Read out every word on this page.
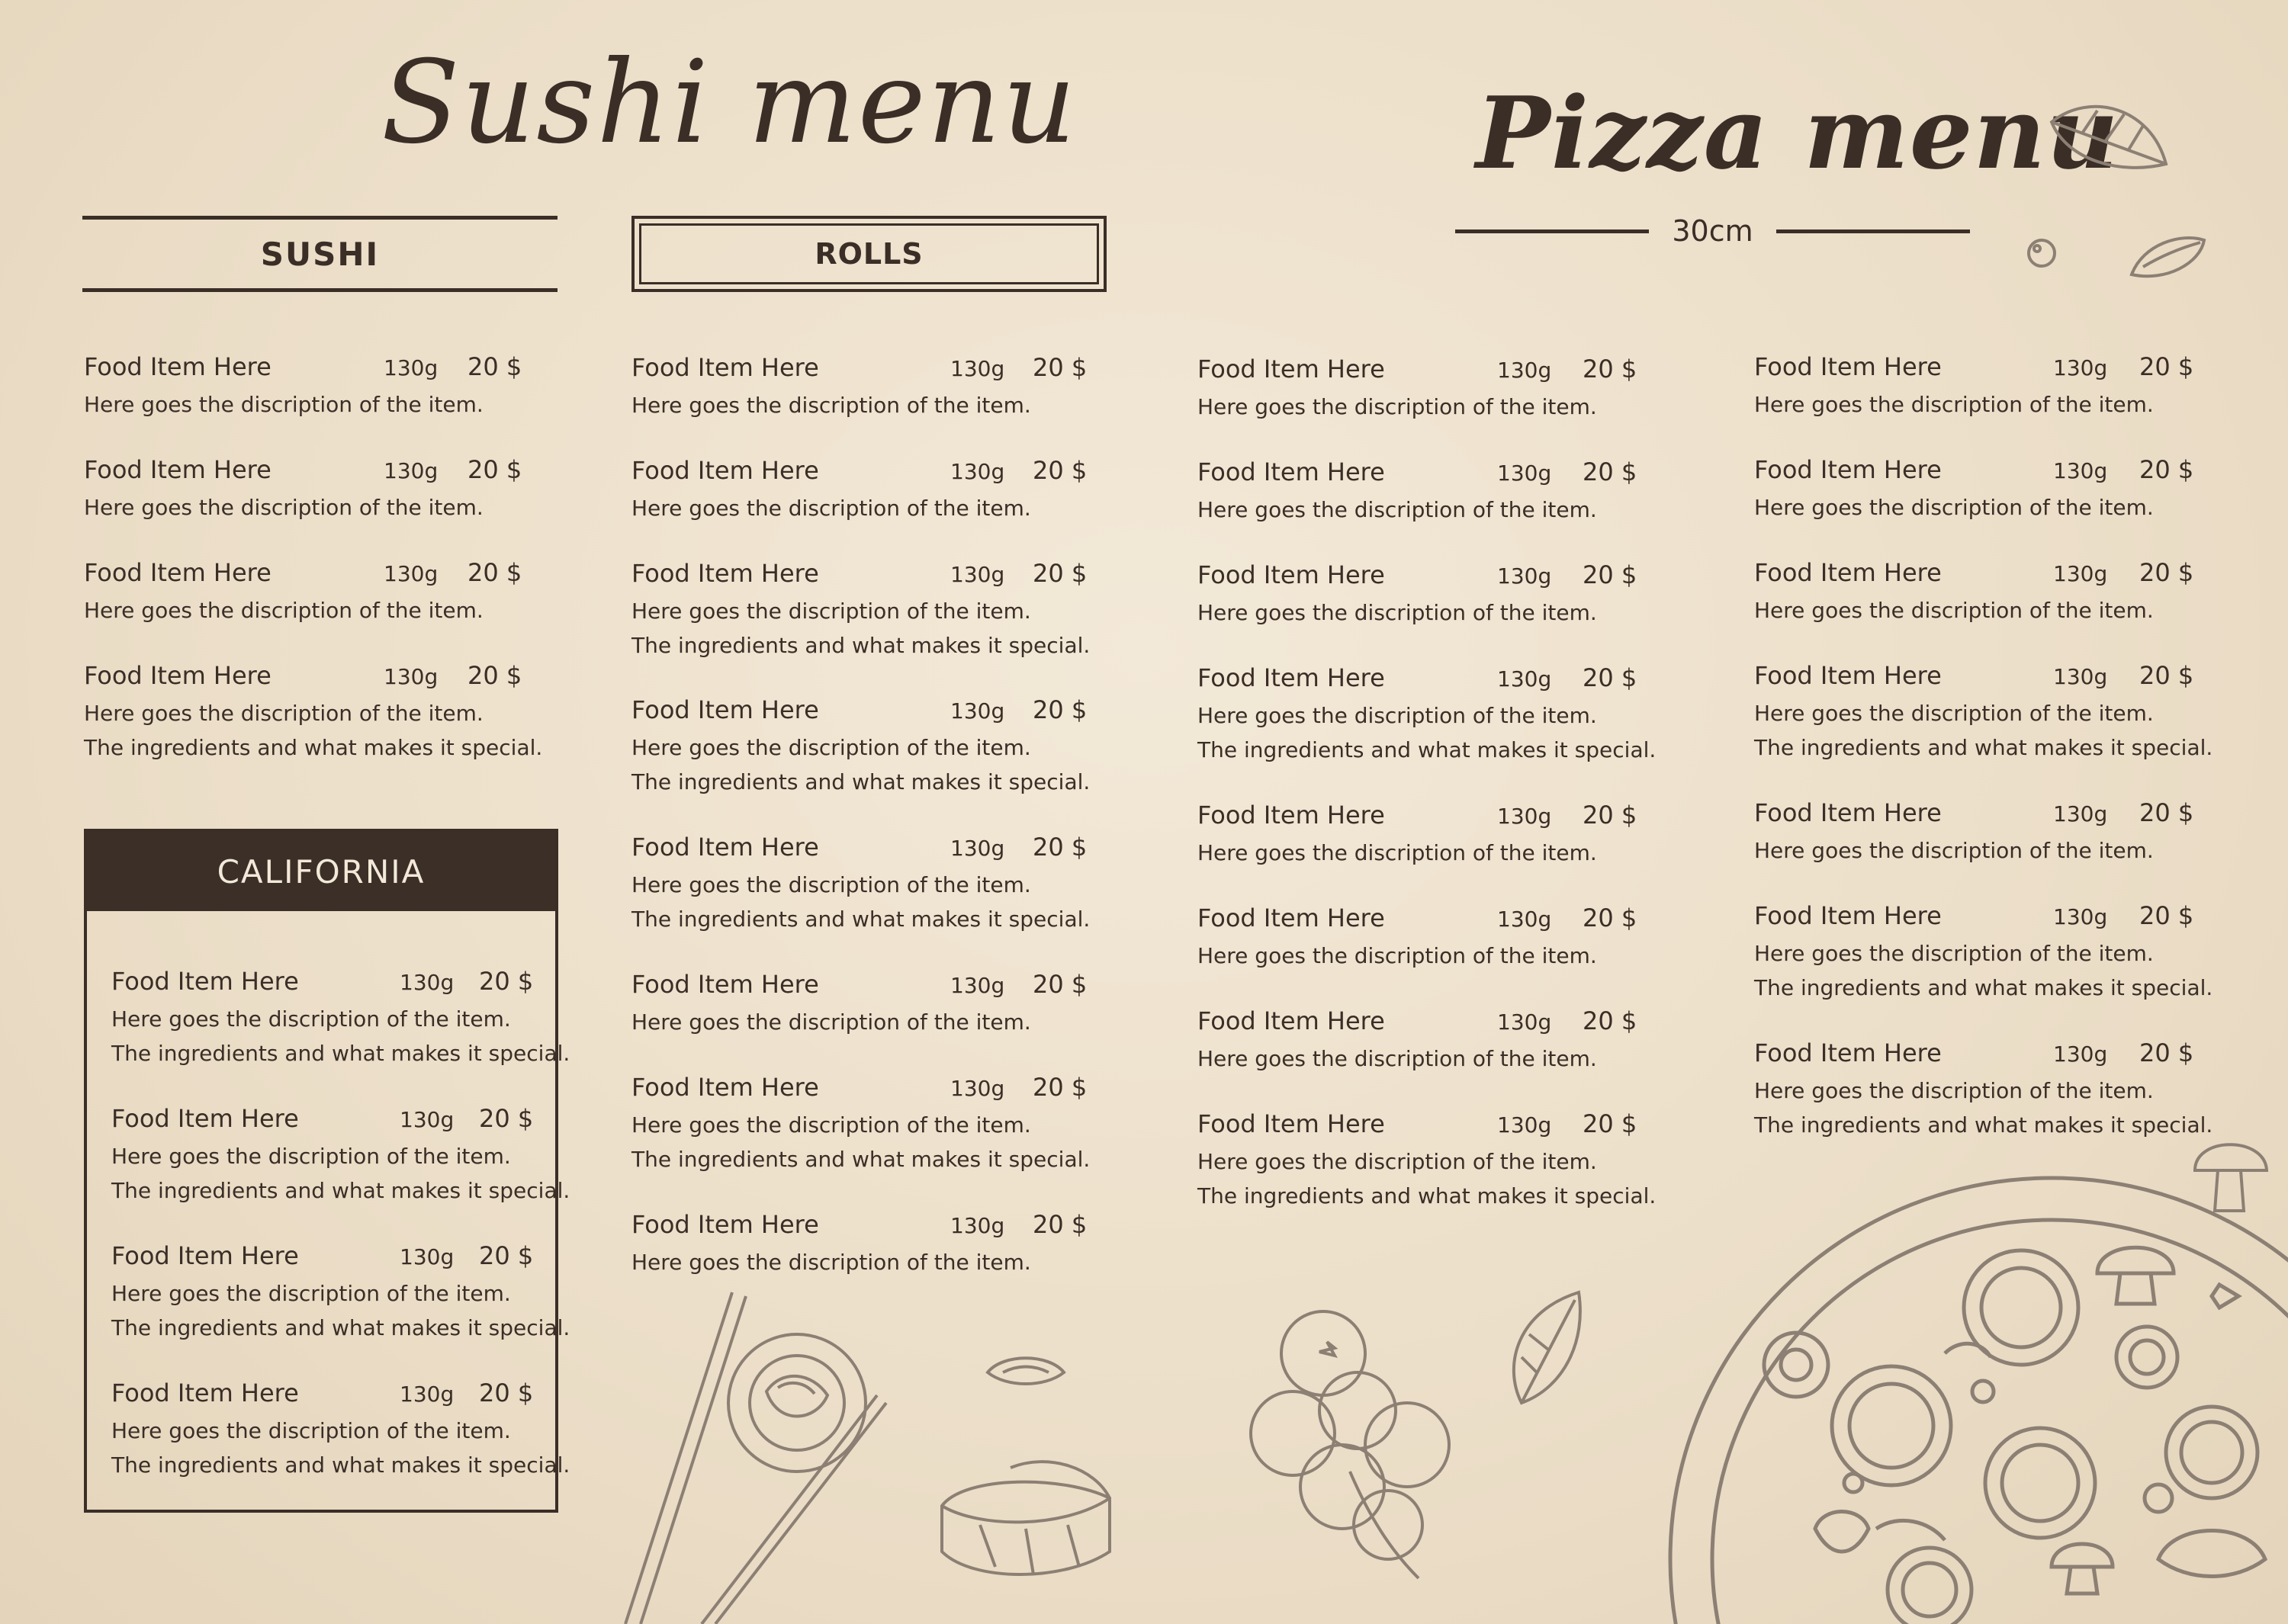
Sushi menu	Pizza menu
SUSHI	ROLLS
30cm
CALIFORNIA
Food Item Here	130g 20 $
Here goes the discription of the item.
Food Item Here	130g 20 $
Here goes the discription of the item.
Food Item Here	130g 20 $
Here goes the discription of the item.
Food Item Here	130g 20 $
Here goes the discription of the item.
The ingredients and what makes it special.
Food Item Here	130g 20 $
Here goes the discription of the item.
The ingredients and what makes it special.
Food Item Here	130g 20 $
Here goes the discription of the item.
The ingredients and what makes it special.
Food Item Here	130g 20 $
Here goes the discription of the item.
The ingredients and what makes it special.
Food Item Here	130g 20 $
Here goes the discription of the item.
The ingredients and what makes it special.
Food Item Here	130g 20 $
Here goes the discription of the item.
Food Item Here	130g 20 $
Here goes the discription of the item.
Food Item Here	130g 20 $
Here goes the discription of the item.
The ingredients and what makes it special.
Food Item Here	130g 20 $
Here goes the discription of the item.
The ingredients and what makes it special.
Food Item Here	130g 20 $
Here goes the discription of the item.
The ingredients and what makes it special.
Food Item Here	130g 20 $
Here goes the discription of the item.
Food Item Here	130g 20 $
Here goes the discription of the item.
The ingredients and what makes it special.
Food Item Here	130g 20 $
Here goes the discription of the item.
Food Item Here	130g 20 $
Here goes the discription of the item.
Food Item Here	130g 20 $
Here goes the discription of the item.
Food Item Here	130g 20 $
Here goes the discription of the item.
Food Item Here	130g 20 $
Here goes the discription of the item.
The ingredients and what makes it special.
Food Item Here	130g 20 $
Here goes the discription of the item.
Food Item Here	130g 20 $
Here goes the discription of the item.
Food Item Here	130g 20 $
Here goes the discription of the item.
Food Item Here	130g 20 $
Here goes the discription of the item.
The ingredients and what makes it special.
Food Item Here	130g 20 $
Here goes the discription of the item.
Food Item Here	130g 20 $
Here goes the discription of the item.
Food Item Here	130g 20 $
Here goes the discription of the item.
Food Item Here	130g 20 $
Here goes the discription of the item.
The ingredients and what makes it special.
Food Item Here	130g 20 $
Here goes the discription of the item.
Food Item Here	130g 20 $
Here goes the discription of the item.
The ingredients and what makes it special.
Food Item Here	130g 20 $
Here goes the discription of the item.
The ingredients and what makes it special.
